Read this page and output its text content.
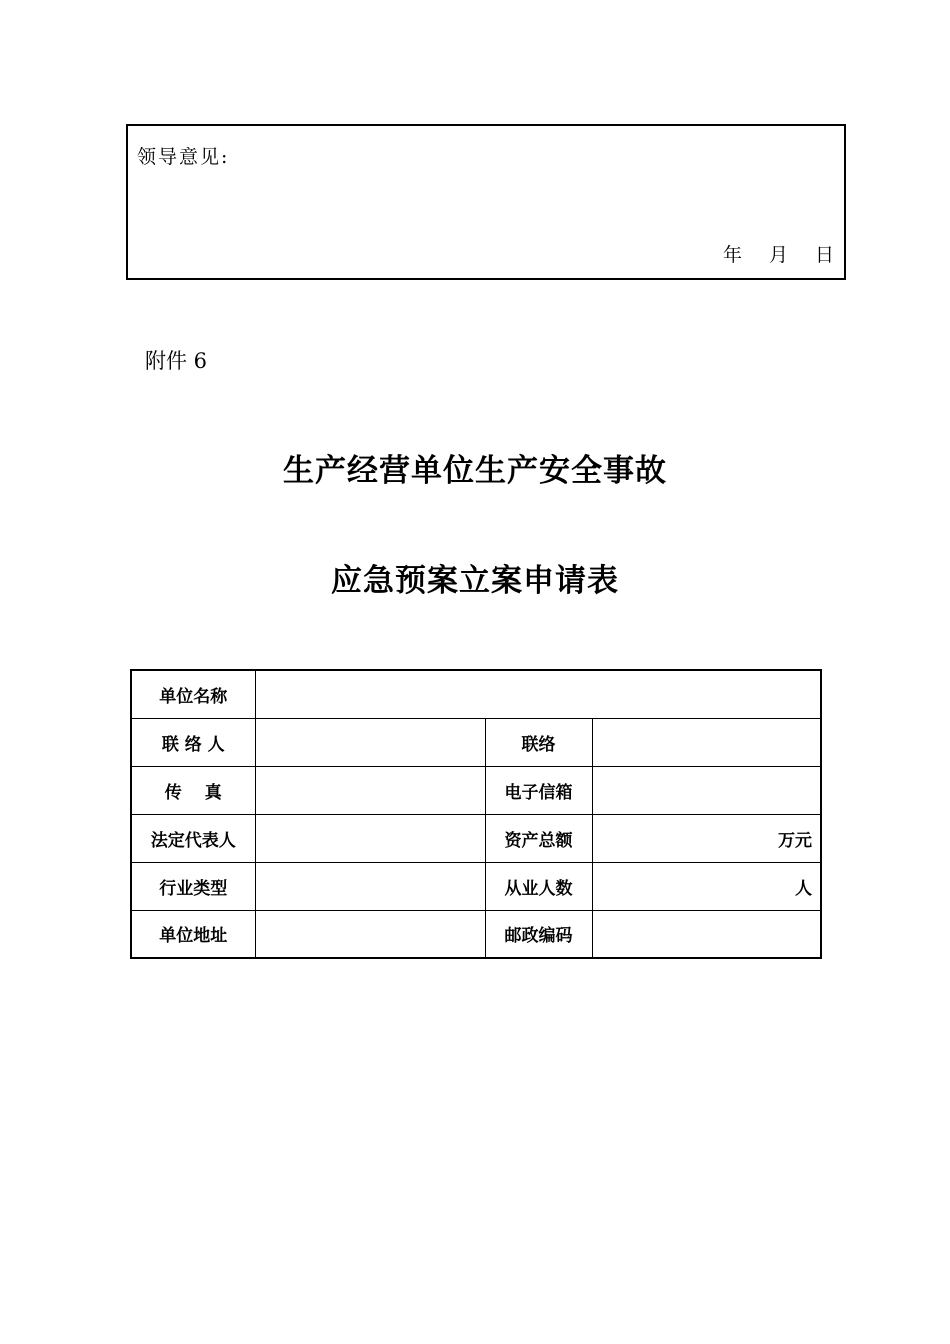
领导意见:
年 月 日
附件 6
生产经营单位生产安全事故
应急预案立案申请表
单位名称			
联 络 人		联络	
传　 真		电子信箱	
法定代表人		资产总额	万元
行业类型		从业人数	人
单位地址		邮政编码	
